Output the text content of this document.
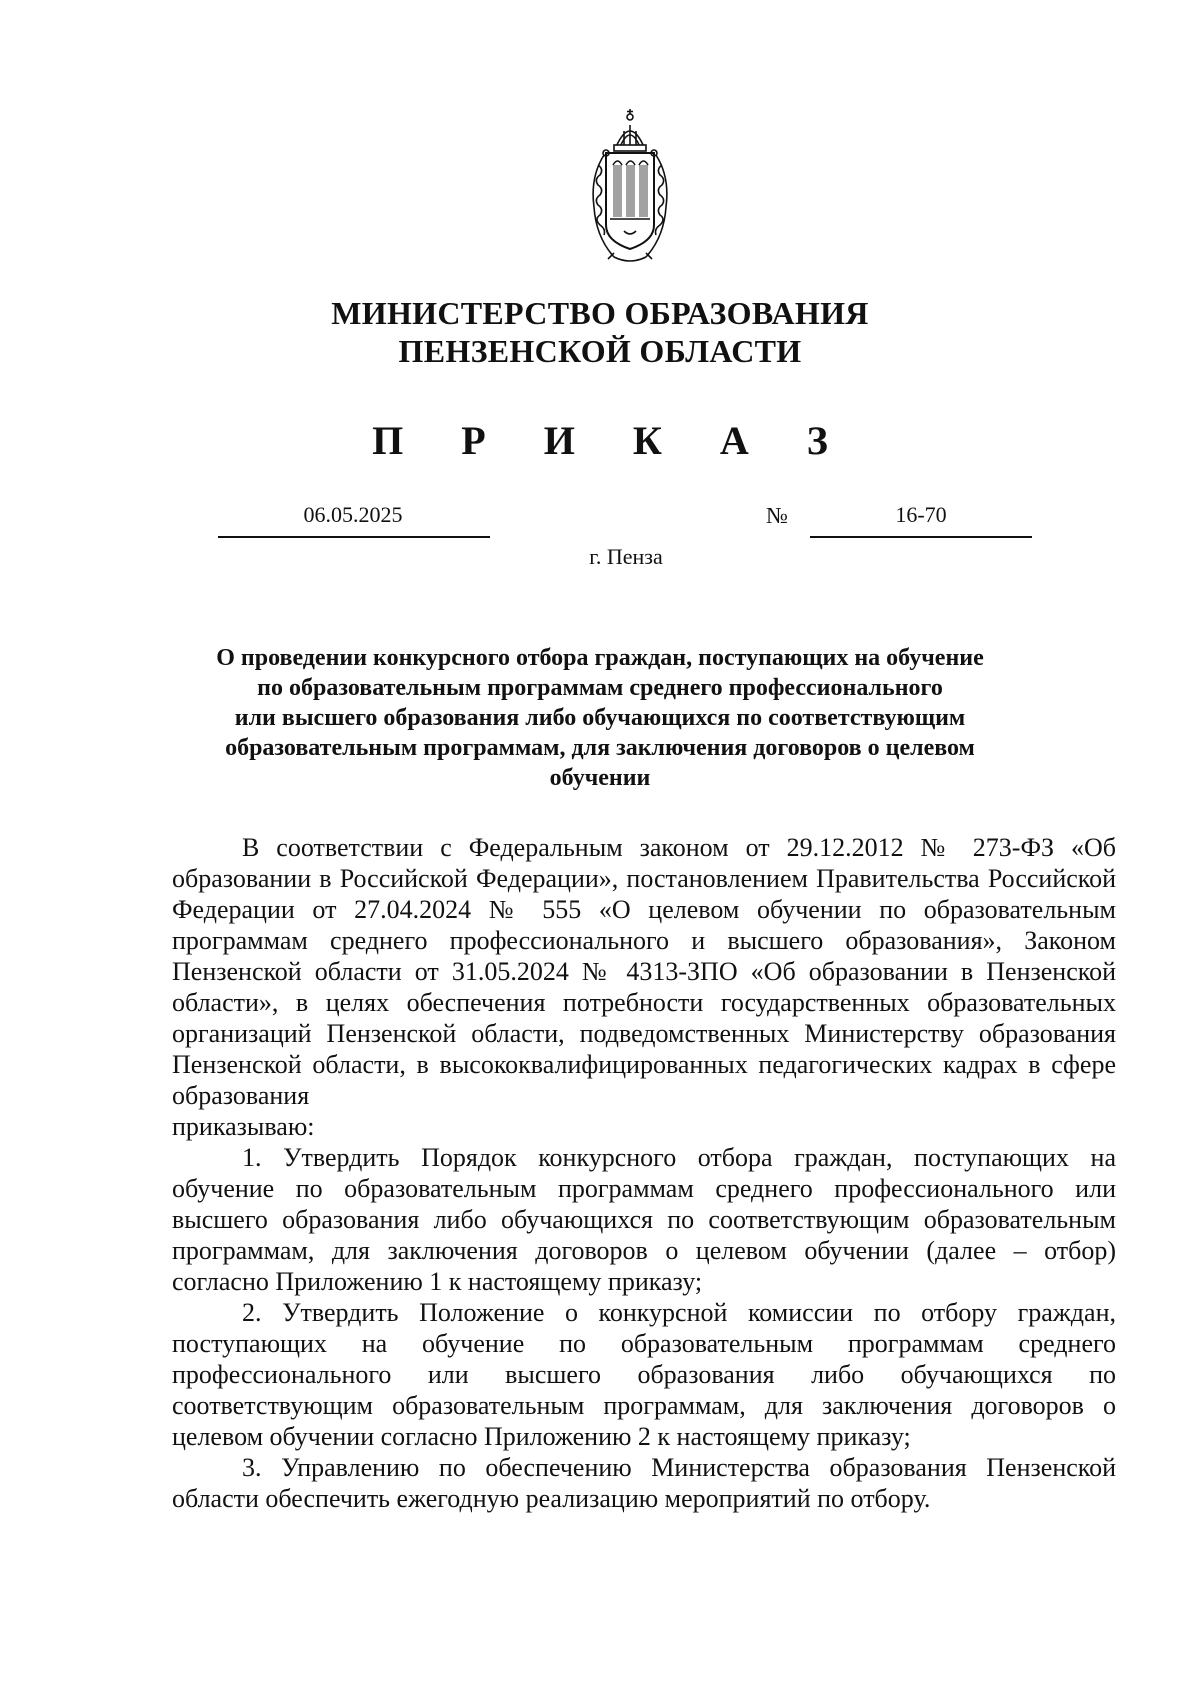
МИНИСТЕРСТВО ОБРАЗОВАНИЯ
ПЕНЗЕНСКОЙ ОБЛАСТИ
П Р И К А З
06.05.2025	№	16-70
г. Пенза
О проведении конкурсного отбора граждан, поступающих на обучение
по образовательным программам среднего профессионального
или высшего образования либо обучающихся по соответствующим
образовательным программам, для заключения договоров о целевом
обучении

В соответствии с Федеральным законом от 29.12.2012 № 273-ФЗ «Об образовании в Российской Федерации», постановлением Правительства Российской Федерации от 27.04.2024 № 555 «О целевом обучении по образовательным программам среднего профессионального и высшего образования», Законом Пензенской области от 31.05.2024 № 4313-ЗПО «Об образовании в Пензенской области», в целях обеспечения потребности государственных образовательных организаций Пензенской области, подведомственных Министерству образования Пензенской области, в высококвалифицированных педагогических кадрах в сфере образования

приказываю:

1. Утвердить Порядок конкурсного отбора граждан, поступающих на обучение по образовательным программам среднего профессионального или высшего образования либо обучающихся по соответствующим образовательным программам, для заключения договоров о целевом обучении (далее – отбор) согласно Приложению 1 к настоящему приказу;

2. Утвердить Положение о конкурсной комиссии по отбору граждан, поступающих на обучение по образовательным программам среднего профессионального или высшего образования либо обучающихся по соответствующим образовательным программам, для заключения договоров о целевом обучении согласно Приложению 2 к настоящему приказу;

3. Управлению по обеспечению Министерства образования Пензенской области обеспечить ежегодную реализацию мероприятий по отбору.
